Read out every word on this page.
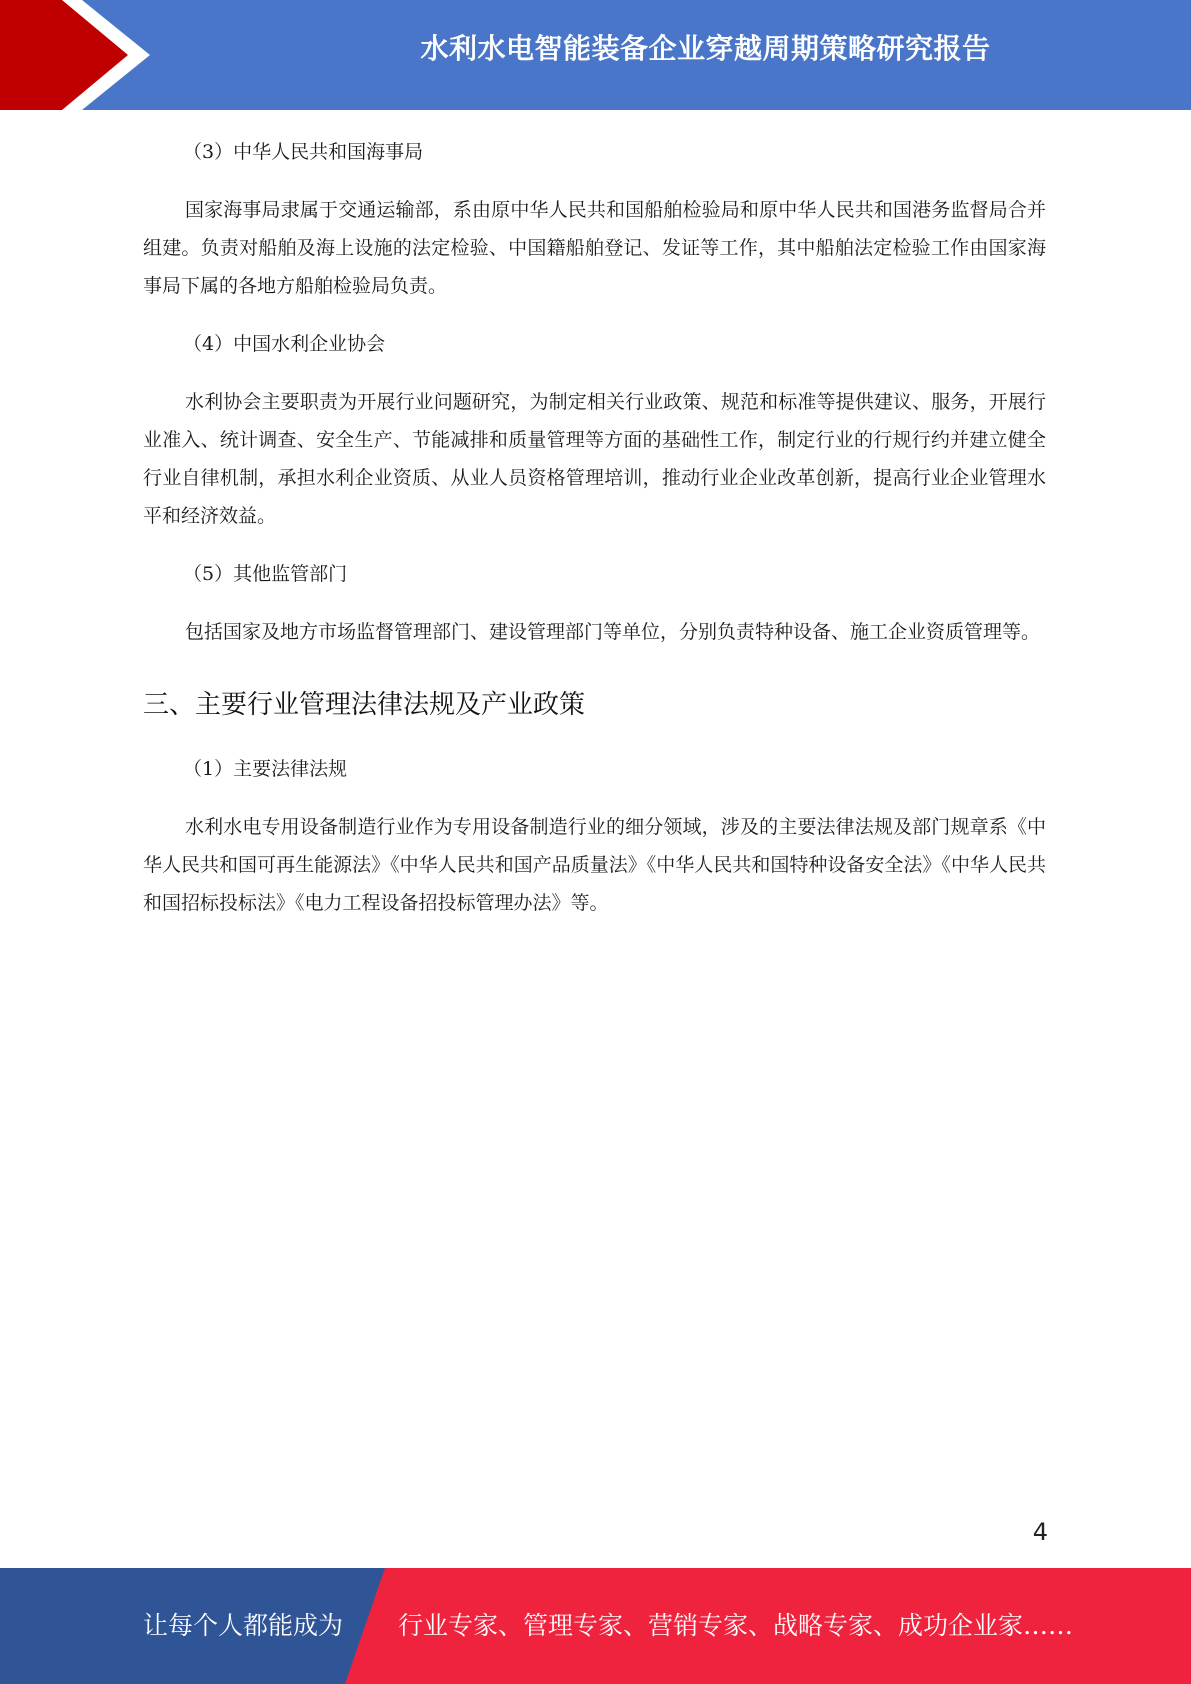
水利水电智能装备企业穿越周期策略研究报告
（3）中华人民共和国海事局

国家海事局隶属于交通运输部，系由原中华人民共和国船舶检验局和原中华人民共和国港务监督局合并组建。负责对船舶及海上设施的法定检验、中国籍船舶登记、发证等工作，其中船舶法定检验工作由国家海事局下属的各地方船舶检验局负责。

（4）中国水利企业协会

水利协会主要职责为开展行业问题研究，为制定相关行业政策、规范和标准等提供建议、服务，开展行业准入、统计调查、安全生产、节能减排和质量管理等方面的基础性工作，制定行业的行规行约并建立健全行业自律机制，承担水利企业资质、从业人员资格管理培训，推动行业企业改革创新，提高行业企业管理水平和经济效益。

（5）其他监管部门

包括国家及地方市场监督管理部门、建设管理部门等单位，分别负责特种设备、施工企业资质管理等。

三、主要行业管理法律法规及产业政策
（1）主要法律法规

水利水电专用设备制造行业作为专用设备制造行业的细分领域，涉及的主要法律法规及部门规章系《中华人民共和国可再生能源法》《中华人民共和国产品质量法》《中华人民共和国特种设备安全法》《中华人民共和国招标投标法》《电力工程设备招投标管理办法》等。

4
让每个人都能成为 行业专家、管理专家、营销专家、战略专家、成功企业家……
